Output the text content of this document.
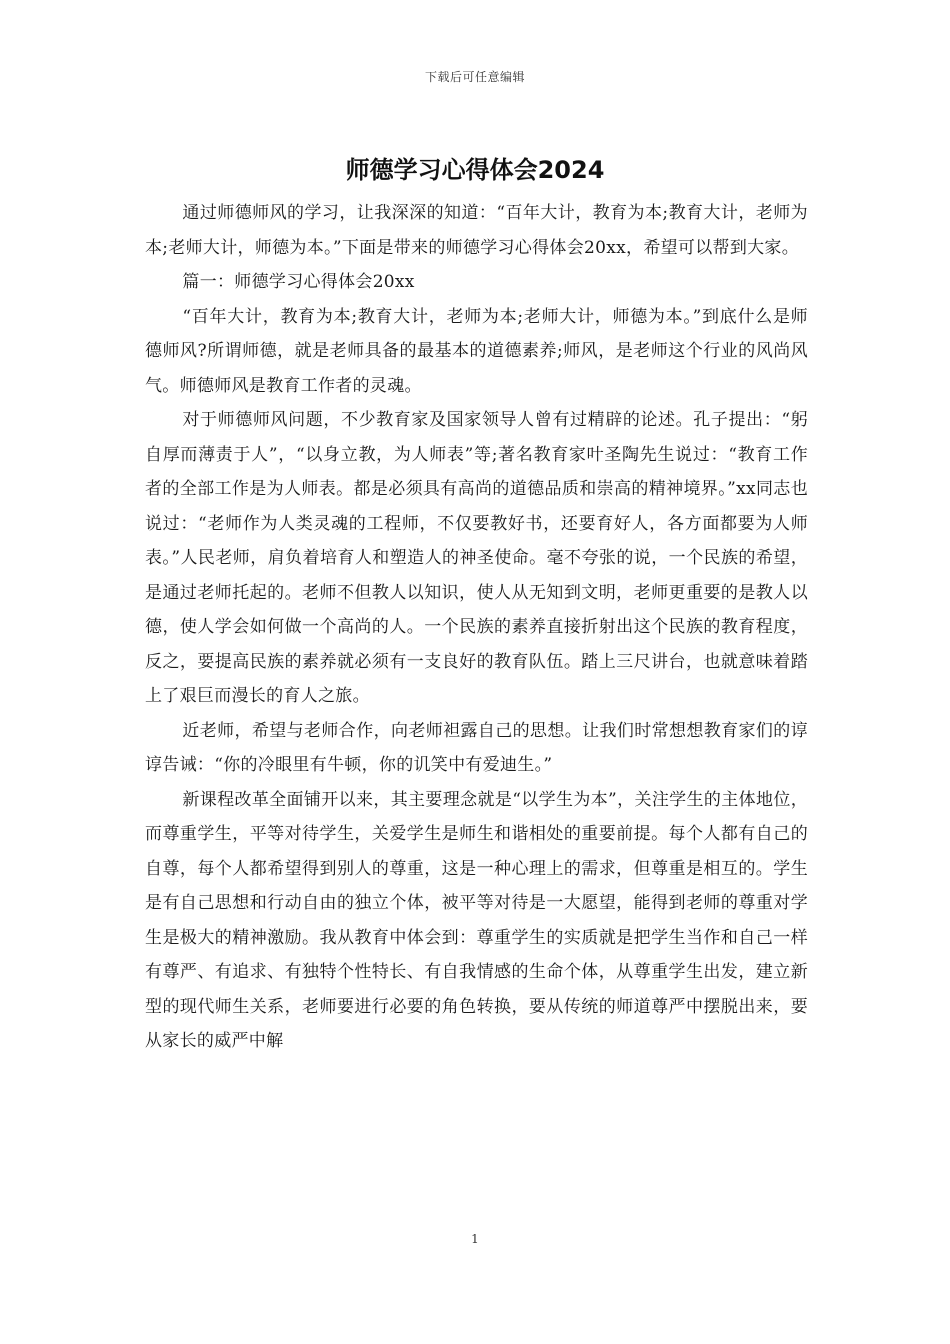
下载后可任意编辑
师德学习心得体会2024

通过师德师风的学习，让我深深的知道：“百年大计，教育为本;教育大计，老师为本;老师大计，师德为本。”下面是带来的师德学习心得体会20xx，希望可以帮到大家。

篇一：师德学习心得体会20xx

“百年大计，教育为本;教育大计，老师为本;老师大计，师德为本。”到底什么是师德师风?所谓师德，就是老师具备的最基本的道德素养;师风，是老师这个行业的风尚风气。师德师风是教育工作者的灵魂。

对于师德师风问题，不少教育家及国家领导人曾有过精辟的论述。孔子提出：“躬自厚而薄责于人”，“以身立教，为人师表”等;著名教育家叶圣陶先生说过：“教育工作者的全部工作是为人师表。都是必须具有高尚的道德品质和崇高的精神境界。”xx同志也说过：“老师作为人类灵魂的工程师，不仅要教好书，还要育好人，各方面都要为人师表。”人民老师，肩负着培育人和塑造人的神圣使命。毫不夸张的说，一个民族的希望，是通过老师托起的。老师不但教人以知识，使人从无知到文明，老师更重要的是教人以德，使人学会如何做一个高尚的人。一个民族的素养直接折射出这个民族的教育程度，反之，要提高民族的素养就必须有一支良好的教育队伍。踏上三尺讲台，也就意味着踏上了艰巨而漫长的育人之旅。

近老师，希望与老师合作，向老师袒露自己的思想。让我们时常想想教育家们的谆谆告诫：“你的冷眼里有牛顿，你的讥笑中有爱迪生。”

新课程改革全面铺开以来，其主要理念就是“以学生为本”，关注学生的主体地位，而尊重学生，平等对待学生，关爱学生是师生和谐相处的重要前提。每个人都有自己的自尊，每个人都希望得到别人的尊重，这是一种心理上的需求，但尊重是相互的。学生是有自己思想和行动自由的独立个体，被平等对待是一大愿望，能得到老师的尊重对学生是极大的精神激励。我从教育中体会到：尊重学生的实质就是把学生当作和自己一样有尊严、有追求、有独特个性特长、有自我情感的生命个体，从尊重学生出发，建立新型的现代师生关系，老师要进行必要的角色转换，要从传统的师道尊严中摆脱出来，要从家长的威严中解

1
